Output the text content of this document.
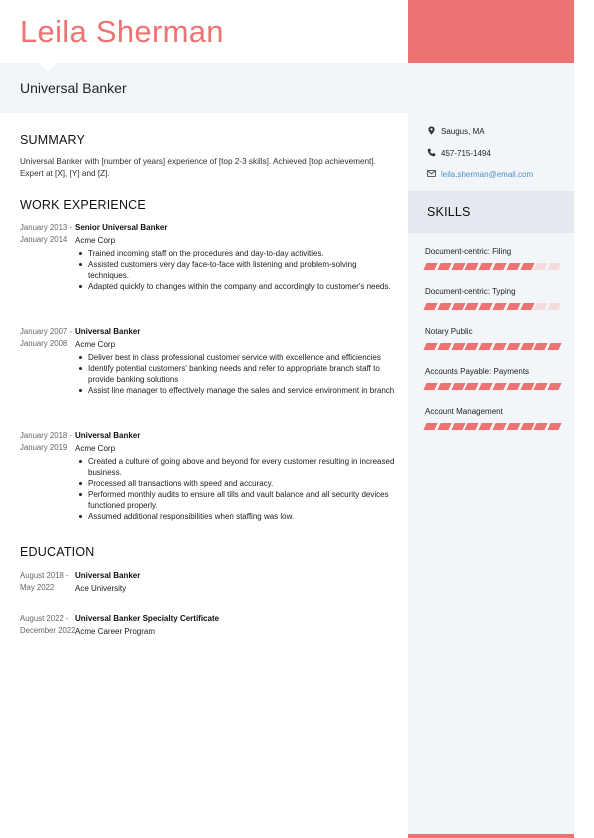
Leila Sherman
Universal Banker
SUMMARY
Universal Banker with [number of years] experience of [top 2-3 skills]. Achieved [top achievement]. Expert at [X], [Y] and [Z].
WORK EXPERIENCE
January 2013 - January 2014
Senior Universal Banker
Acme Corp
Trained incoming staff on the procedures and day-to-day activities.
Assisted customers very day face-to-face with listening and problem-solving techniques.
Adapted quickly to changes within the company and accordingly to customer's needs.
January 2007 - January 2008
Universal Banker
Acme Corp
Deliver best in class professional customer service with excellence and efficiencies
Identify potential customers' banking needs and refer to appropriate branch staff to provide banking solutions
Assist line manager to effectively manage the sales and service environment in branch
January 2018 - January 2019
Universal Banker
Acme Corp
Created a culture of going above and beyond for every customer resulting in increased business.
Processed all transactions with speed and accuracy.
Performed monthly audits to ensure all tills and vault balance and all security devices functioned properly.
Assumed additional responsibilities when staffing was low.
EDUCATION
August 2018 - May 2022
Universal Banker
Ace University
August 2022 - December 2022
Universal Banker Specialty Certificate
Acme Career Program
Saugus, MA
457-715-1494
leila.sherman@email.com
SKILLS
Document-centric: Filing
Document-centric: Typing
Notary Public
Accounts Payable: Payments
Account Management
